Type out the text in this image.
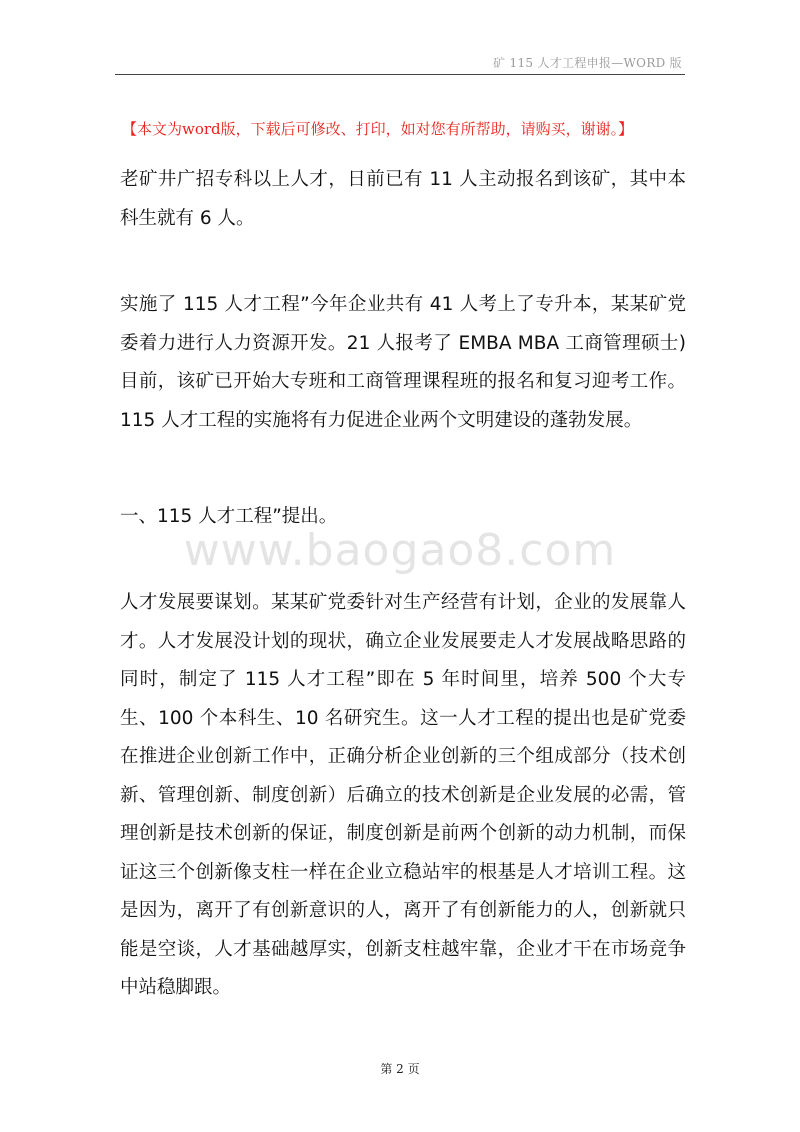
矿 115 人才工程申报—WORD 版
【本文为word版，下载后可修改、打印，如对您有所帮助，请购买，谢谢。】
www.baogao8.com

老矿井广招专科以上人才，日前已有 11 人主动报名到该矿，其中本科生就有 6 人。

实施了 115 人才工程”今年企业共有 41 人考上了专升本，某某矿党委着力进行人力资源开发。21 人报考了 EMBA MBA 工商管理硕士)目前，该矿已开始大专班和工商管理课程班的报名和复习迎考工作。115 人才工程的实施将有力促进企业两个文明建设的蓬勃发展。

一、115 人才工程”提出。

人才发展要谋划。某某矿党委针对生产经营有计划，企业的发展靠人才。人才发展没计划的现状，确立企业发展要走人才发展战略思路的同时，制定了 115 人才工程”即在 5 年时间里，培养 500 个大专生、100 个本科生、10 名研究生。这一人才工程的提出也是矿党委在推进企业创新工作中，正确分析企业创新的三个组成部分（技术创新、管理创新、制度创新）后确立的技术创新是企业发展的必需，管理创新是技术创新的保证，制度创新是前两个创新的动力机制，而保证这三个创新像支柱一样在企业立稳站牢的根基是人才培训工程。这是因为，离开了有创新意识的人，离开了有创新能力的人，创新就只能是空谈，人才基础越厚实，创新支柱越牢靠，企业才干在市场竞争中站稳脚跟。

第 2 页
